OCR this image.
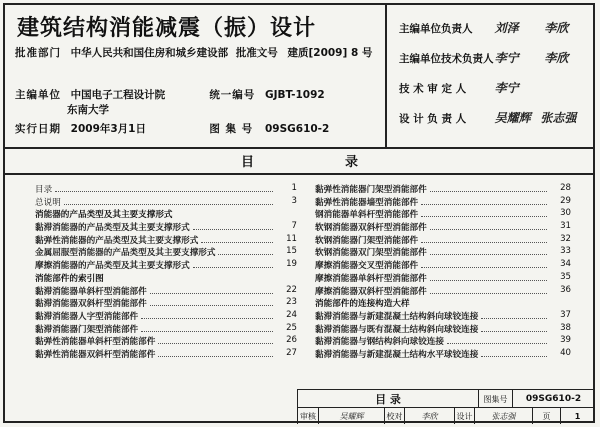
建筑结构消能减震（振）设计
批准部门 中华人民共和国住房和城乡建设部 批准文号 建质[2009] 8 号
主编单位 中国电子工程设计院	统一编号 GJBT-1092
东南大学
实行日期 2009年3月1日	图 集 号 09SG610-2
主编单位负责人 刘泽 李欣
主编单位技术负责人 李宁 李欣
技 术 审 定 人 李宁
设 计 负 责 人 吴耀辉 张志强
目	录
目录	1
总说明	3
消能器的产品类型及其主要支撑形式
黏滞消能器的产品类型及其主要支撑形式	7
黏弹性消能器的产品类型及其主要支撑形式	11
金属屈服型消能器的产品类型及其主要支撑形式	15
摩擦消能器的产品类型及其主要支撑形式	19
消能部件的索引图
黏滞消能器单斜杆型消能部件	22
黏滞消能器双斜杆型消能部件	23
黏滞消能器人字型消能部件	24
黏滞消能器门架型消能部件	25
黏弹性消能器单斜杆型消能部件	26
黏弹性消能器双斜杆型消能部件	27
黏弹性消能器门架型消能部件	28
黏弹性消能器墙型消能部件	29
钢消能器单斜杆型消能部件	30
软钢消能器双斜杆型消能部件	31
软钢消能器门架型消能部件	32
软钢消能器双门架型消能部件	33
摩擦消能器交叉型消能部件	34
摩擦消能器单斜杆型消能部件	35
摩擦消能器双斜杆型消能部件	36
消能部件的连接构造大样
黏滞消能器与新建混凝土结构斜向球铰连接	37
黏滞消能器与既有混凝土结构斜向球铰连接	38
黏滞消能器与钢结构斜向球铰连接	39
黏滞消能器与新建混凝土结构水平球铰连接	40
目 录	图集号	09SG610-2
审核	吴耀辉	校对	李欣	设计	张志强	页	1
